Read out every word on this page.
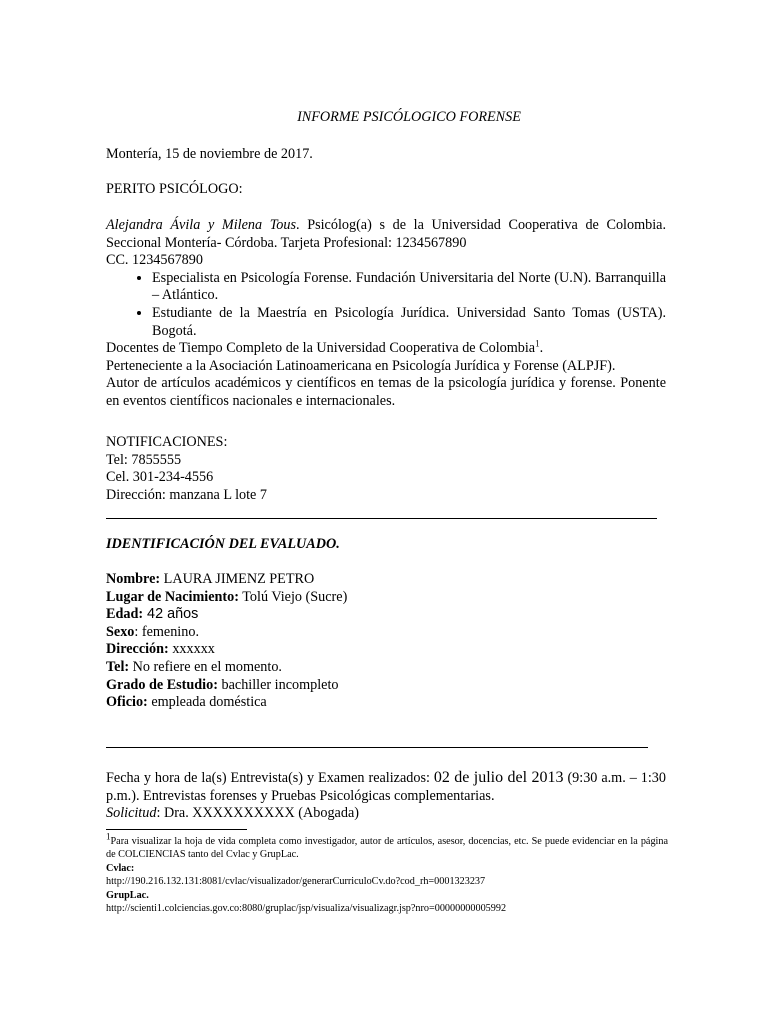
INFORME PSICÓLOGICO FORENSE
Montería, 15 de noviembre de 2017.
PERITO PSICÓLOGO:

Alejandra Ávila y Milena Tous. Psicólog(a) s de la Universidad Cooperativa de Colombia. Seccional Montería- Córdoba. Tarjeta Profesional: 1234567890

CC. 1234567890

• Especialista en Psicología Forense. Fundación Universitaria del Norte (U.N). Barranquilla – Atlántico.
• Estudiante de la Maestría en Psicología Jurídica. Universidad Santo Tomas (USTA). Bogotá.

Docentes de Tiempo Completo de la Universidad Cooperativa de Colombia$^1$.

Perteneciente a la Asociación Latinoamericana en Psicología Jurídica y Forense (ALPJF).

Autor de artículos académicos y científicos en temas de la psicología jurídica y forense. Ponente en eventos científicos nacionales e internacionales.

NOTIFICACIONES:

Tel: 7855555

Cel. 301-234-4556

Dirección: manzana L lote 7

IDENTIFICACIÓN DEL EVALUADO.

Nombre: LAURA JIMENZ PETRO

Lugar de Nacimiento: Tolú Viejo (Sucre)

Edad: 42 años

Sexo: femenino.

Dirección: xxxxxx

Tel: No refiere en el momento.

Grado de Estudio: bachiller incompleto

Oficio: empleada doméstica

Fecha y hora de la(s) Entrevista(s) y Examen realizados: 02 de julio del 2013 (9:30 a.m. – 1:30 p.m.). Entrevistas forenses y Pruebas Psicológicas complementarias.

Solicitud: Dra. XXXXXXXXXX (Abogada)

1Para visualizar la hoja de vida completa como investigador, autor de artículos, asesor, docencias, etc. Se puede evidenciar en la página de COLCIENCIAS tanto del Cvlac y GrupLac.

Cvlac:

http://190.216.132.131:8081/cvlac/visualizador/generarCurriculoCv.do?cod_rh=0001323237

GrupLac.

http://scienti1.colciencias.gov.co:8080/gruplac/jsp/visualiza/visualizagr.jsp?nro=00000000005992
